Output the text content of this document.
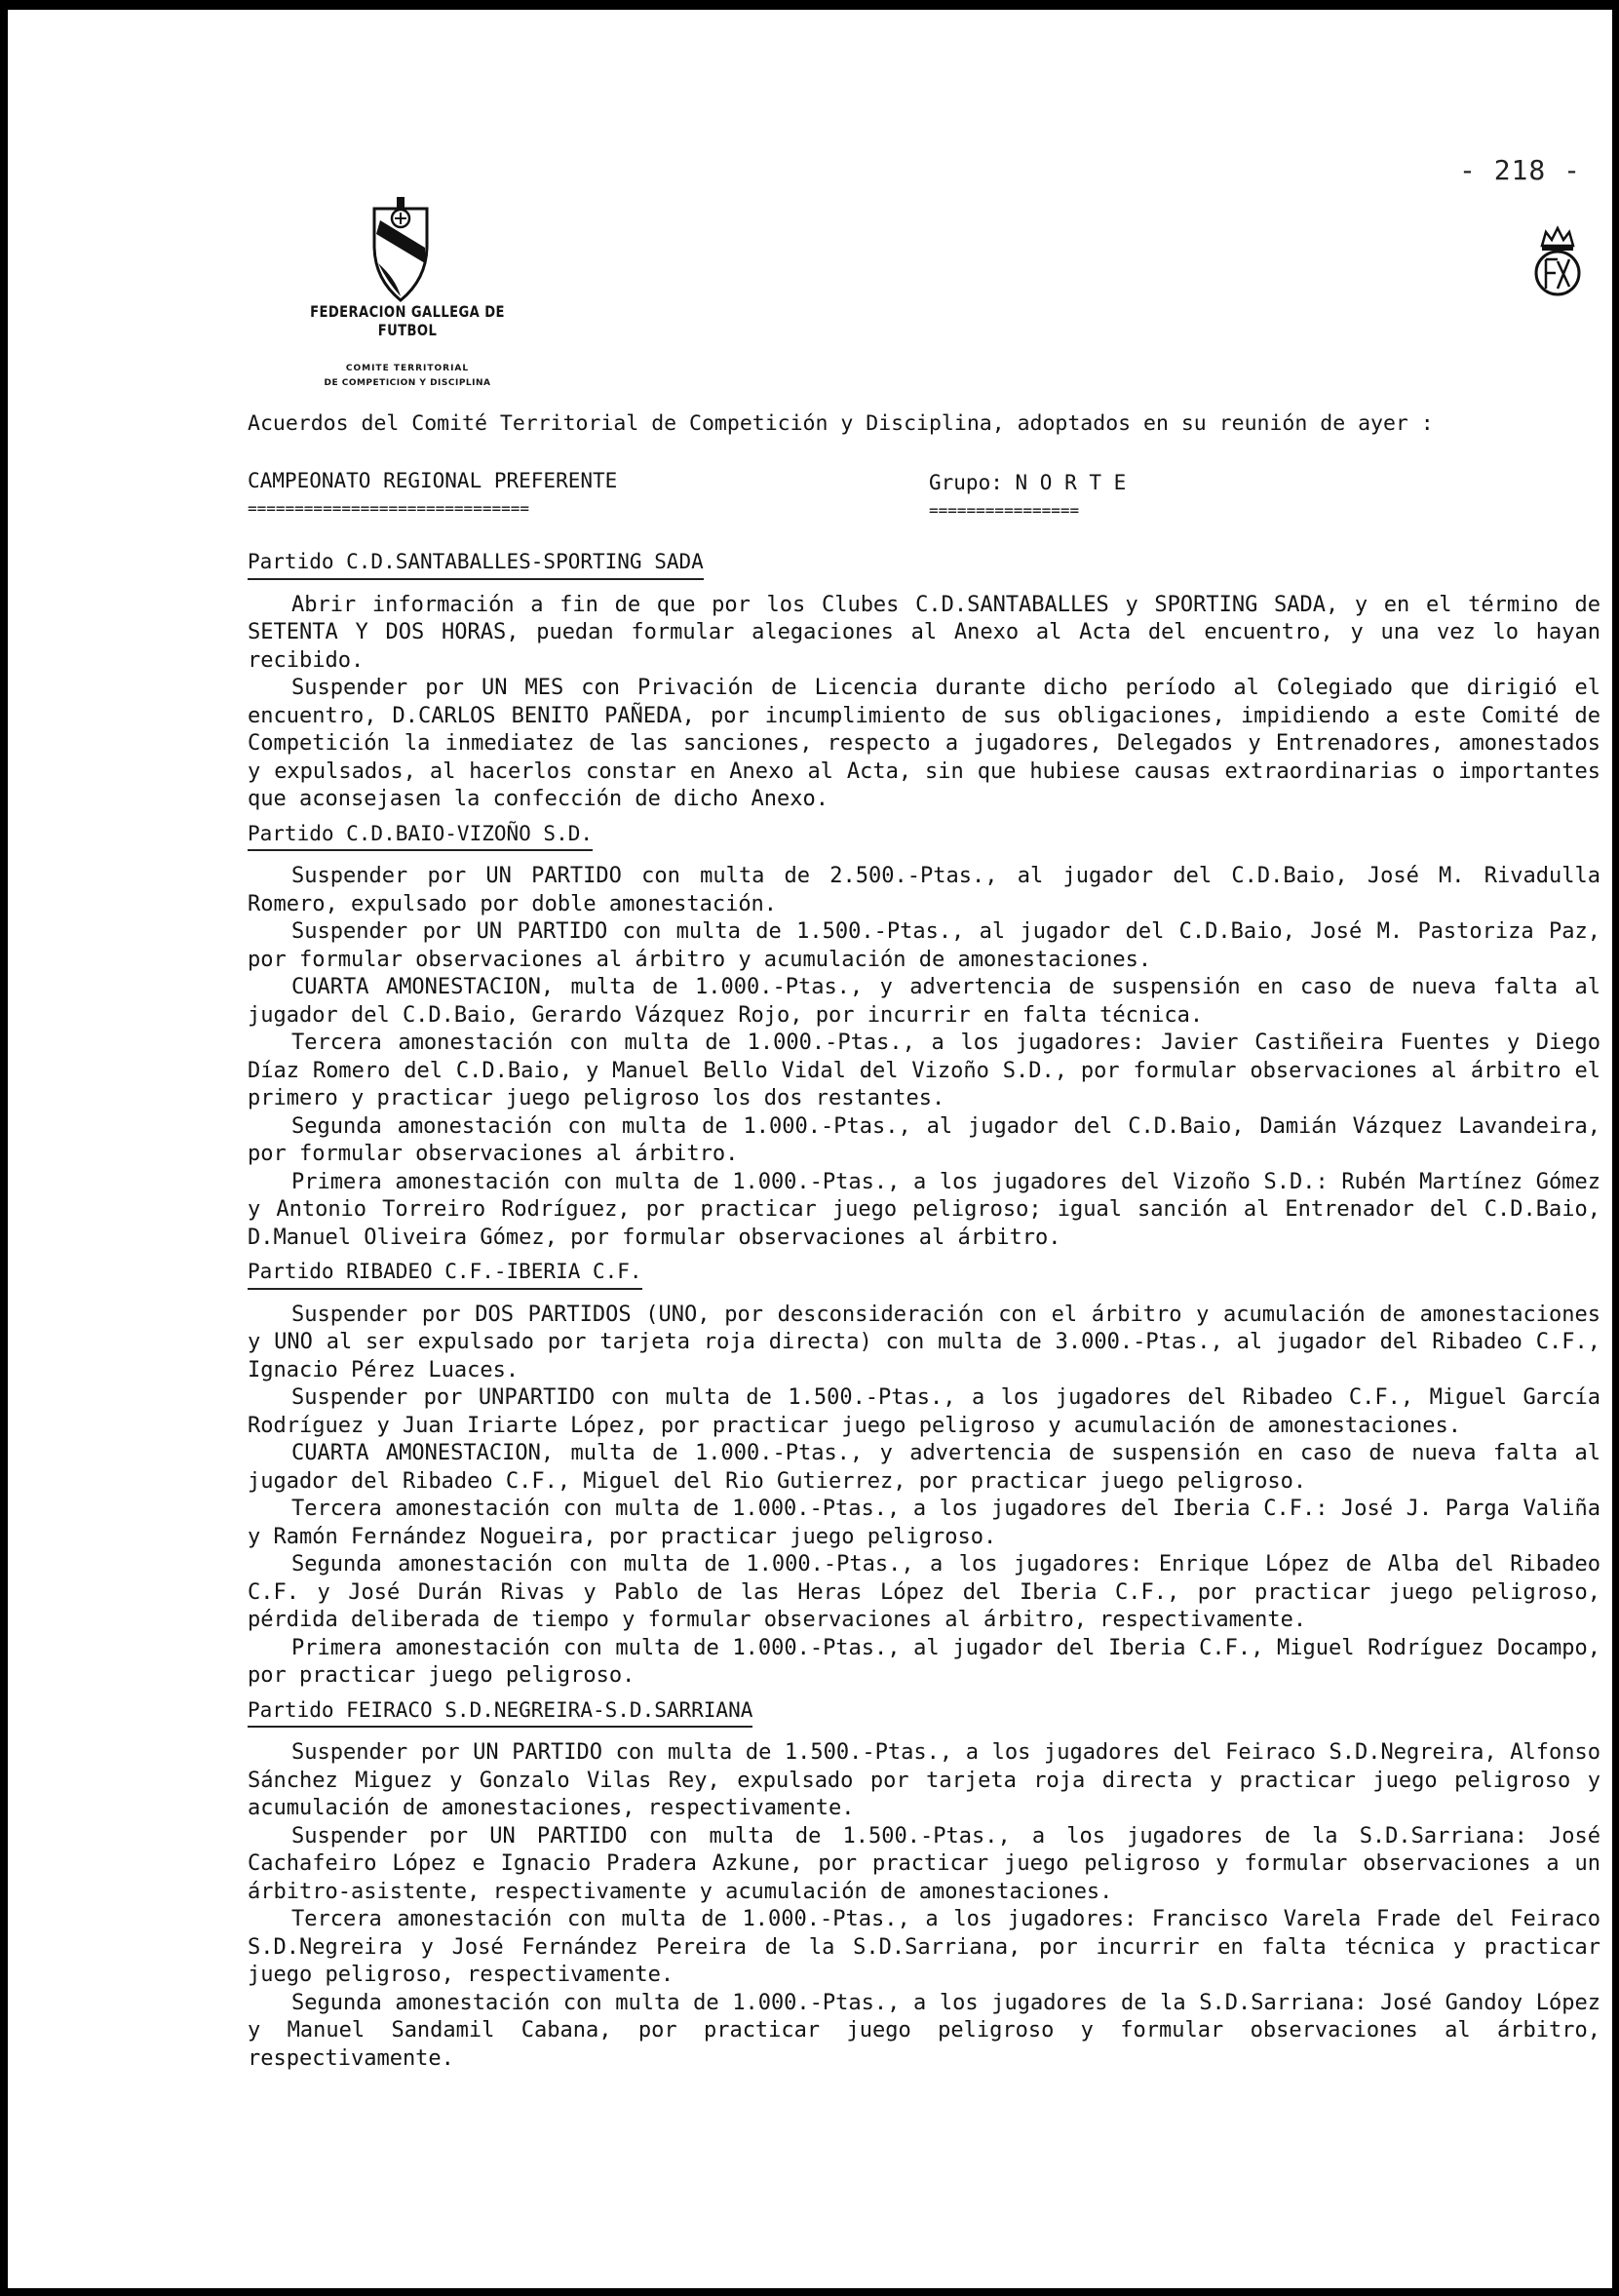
- 218 -
FEDERACION GALLEGA DE FUTBOL
COMITE TERRITORIAL
DE COMPETICION Y DISCIPLINA
Acuerdos del Comité Territorial de Competición y Disciplina, adoptados en su reunión de ayer :
CAMPEONATO REGIONAL PREFERENTE
==============================
Grupo: N O R T E
================
Partido C.D.SANTABALLES-SPORTING SADA

Abrir información a fin de que por los Clubes C.D.SANTABALLES y SPORTING SADA, y en el término de SETENTA Y DOS HORAS, puedan formular alegaciones al Anexo al Acta del encuentro, y una vez lo hayan recibido.

Suspender por UN MES con Privación de Licencia durante dicho período al Colegiado que dirigió el encuentro, D.CARLOS BENITO PAÑEDA, por incumplimiento de sus obligaciones, impidiendo a este Comité de Competición la inmediatez de las sanciones, respecto a jugadores, Delegados y Entrenadores, amonestados y expulsados, al hacerlos constar en Anexo al Acta, sin que hubiese causas extraordinarias o importantes que aconsejasen la confección de dicho Anexo.

Partido C.D.BAIO-VIZOÑO S.D.

Suspender por UN PARTIDO con multa de 2.500.-Ptas., al jugador del C.D.Baio, José M. Rivadulla Romero, expulsado por doble amonestación.

Suspender por UN PARTIDO con multa de 1.500.-Ptas., al jugador del C.D.Baio, José M. Pastoriza Paz, por formular observaciones al árbitro y acumulación de amonestaciones.

CUARTA AMONESTACION, multa de 1.000.-Ptas., y advertencia de suspensión en caso de nueva falta al jugador del C.D.Baio, Gerardo Vázquez Rojo, por incurrir en falta técnica.

Tercera amonestación con multa de 1.000.-Ptas., a los jugadores: Javier Castiñeira Fuentes y Diego Díaz Romero del C.D.Baio, y Manuel Bello Vidal del Vizoño S.D., por formular observaciones al árbitro el primero y practicar juego peligroso los dos restantes.

Segunda amonestación con multa de 1.000.-Ptas., al jugador del C.D.Baio, Damián Vázquez Lavandeira, por formular observaciones al árbitro.

Primera amonestación con multa de 1.000.-Ptas., a los jugadores del Vizoño S.D.: Rubén Martínez Gómez y Antonio Torreiro Rodríguez, por practicar juego peligroso; igual sanción al Entrenador del C.D.Baio, D.Manuel Oliveira Gómez, por formular observaciones al árbitro.

Partido RIBADEO C.F.-IBERIA C.F.

Suspender por DOS PARTIDOS (UNO, por desconsideración con el árbitro y acumulación de amonestaciones y UNO al ser expulsado por tarjeta roja directa) con multa de 3.000.-Ptas., al jugador del Ribadeo C.F., Ignacio Pérez Luaces.

Suspender por UNPARTIDO con multa de 1.500.-Ptas., a los jugadores del Ribadeo C.F., Miguel García Rodríguez y Juan Iriarte López, por practicar juego peligroso y acumulación de amonestaciones.

CUARTA AMONESTACION, multa de 1.000.-Ptas., y advertencia de suspensión en caso de nueva falta al jugador del Ribadeo C.F., Miguel del Rio Gutierrez, por practicar juego peligroso.

Tercera amonestación con multa de 1.000.-Ptas., a los jugadores del Iberia C.F.: José J. Parga Valiña y Ramón Fernández Nogueira, por practicar juego peligroso.

Segunda amonestación con multa de 1.000.-Ptas., a los jugadores: Enrique López de Alba del Ribadeo C.F. y José Durán Rivas y Pablo de las Heras López del Iberia C.F., por practicar juego peligroso, pérdida deliberada de tiempo y formular observaciones al árbitro, respectivamente.

Primera amonestación con multa de 1.000.-Ptas., al jugador del Iberia C.F., Miguel Rodríguez Docampo, por practicar juego peligroso.

Partido FEIRACO S.D.NEGREIRA-S.D.SARRIANA

Suspender por UN PARTIDO con multa de 1.500.-Ptas., a los jugadores del Feiraco S.D.Negreira, Alfonso Sánchez Miguez y Gonzalo Vilas Rey, expulsado por tarjeta roja directa y practicar juego peligroso y acumulación de amonestaciones, respectivamente.

Suspender por UN PARTIDO con multa de 1.500.-Ptas., a los jugadores de la S.D.Sarriana: José Cachafeiro López e Ignacio Pradera Azkune, por practicar juego peligroso y formular observaciones a un árbitro-asistente, respectivamente y acumulación de amonestaciones.

Tercera amonestación con multa de 1.000.-Ptas., a los jugadores: Francisco Varela Frade del Feiraco S.D.Negreira y José Fernández Pereira de la S.D.Sarriana, por incurrir en falta técnica y practicar juego peligroso, respectivamente.

Segunda amonestación con multa de 1.000.-Ptas., a los jugadores de la S.D.Sarriana: José Gandoy López y Manuel Sandamil Cabana, por practicar juego peligroso y formular observaciones al árbitro, respectivamente.
